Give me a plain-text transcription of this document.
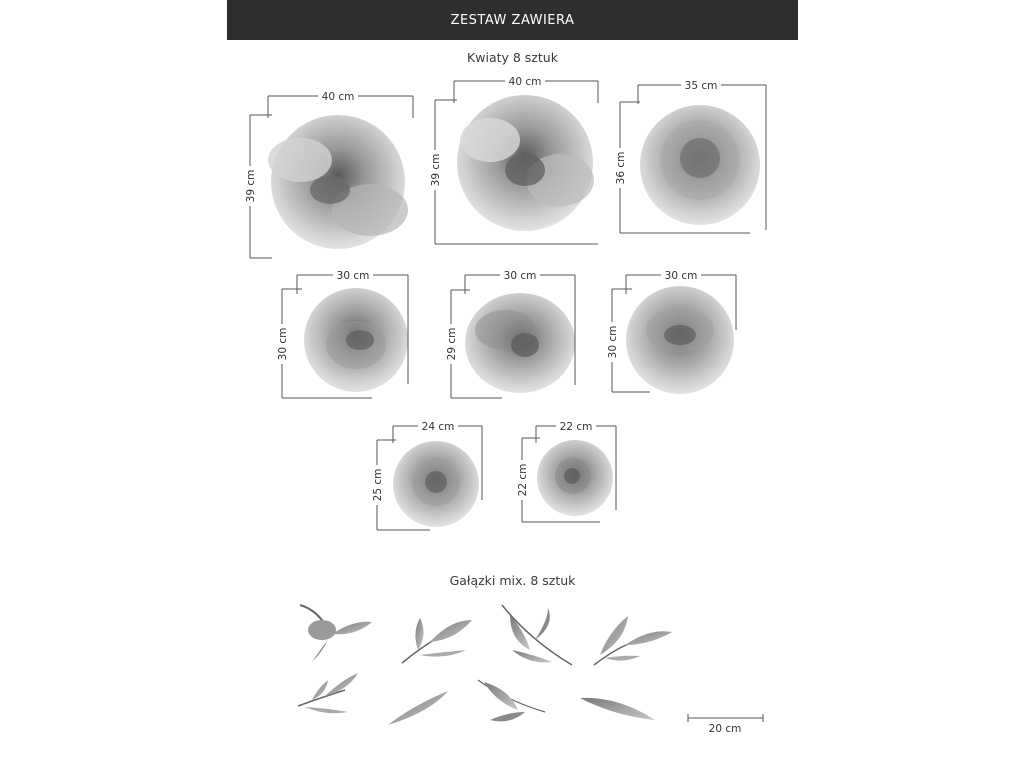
ZESTAW ZAWIERA
Kwiaty 8 sztuk
Gałązki mix. 8 sztuk
40 cm
39 cm
40 cm
39 cm
35 cm
36 cm
30 cm
30 cm
30 cm
29 cm
30 cm
30 cm
24 cm
25 cm
22 cm
22 cm
20 cm
